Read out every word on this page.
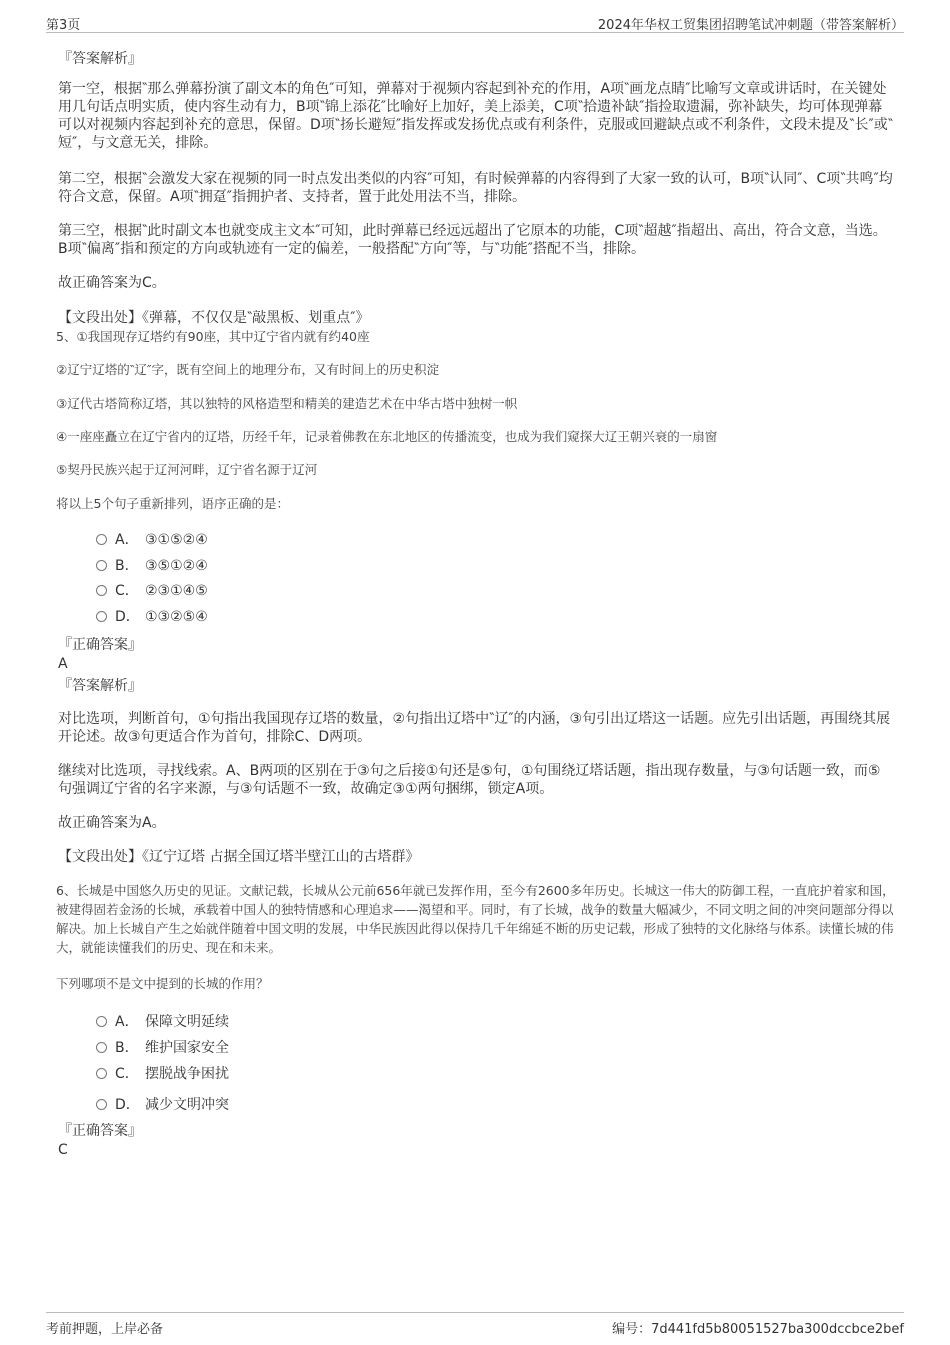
第3页	2024年华权工贸集团招聘笔试冲刺题（带答案解析）
『答案解析』
第一空，根据‶那么弹幕扮演了副文本的角色″可知，弹幕对于视频内容起到补充的作用，A项‶画龙点睛″比喻写文章或讲话时，在关键处用几句话点明实质，使内容生动有力，B项‶锦上添花″比喻好上加好，美上添美，C项‶拾遗补缺″指捡取遗漏，弥补缺失，均可体现弹幕可以对视频内容起到补充的意思，保留。D项‶扬长避短″指发挥或发扬优点或有利条件，克服或回避缺点或不利条件，文段未提及‶长″或‶短″，与文意无关，排除。
第二空，根据‶会激发大家在视频的同一时点发出类似的内容″可知，有时候弹幕的内容得到了大家一致的认可，B项‶认同″、C项‶共鸣″均符合文意，保留。A项‶拥趸″指拥护者、支持者，置于此处用法不当，排除。
第三空，根据‶此时副文本也就变成主文本″可知，此时弹幕已经远远超出了它原本的功能，C项‶超越″指超出、高出，符合文意，当选。B项‶偏离″指和预定的方向或轨迹有一定的偏差，一般搭配‶方向″等，与‶功能″搭配不当，排除。
故正确答案为C。
【文段出处】《弹幕，不仅仅是‶敲黑板、划重点″》
5、①我国现存辽塔约有90座，其中辽宁省内就有约40座
②辽宁辽塔的‶辽″字，既有空间上的地理分布，又有时间上的历史积淀
③辽代古塔简称辽塔，其以独特的风格造型和精美的建造艺术在中华古塔中独树一帜
④一座座矗立在辽宁省内的辽塔，历经千年，记录着佛教在东北地区的传播流变，也成为我们窥探大辽王朝兴衰的一扇窗
⑤契丹民族兴起于辽河河畔，辽宁省名源于辽河
将以上5个句子重新排列，语序正确的是：
A． ③①⑤②④
B． ③⑤①②④
C． ②③①④⑤
D． ①③②⑤④
『正确答案』
A
『答案解析』
对比选项，判断首句，①句指出我国现存辽塔的数量，②句指出辽塔中‶辽″的内涵，③句引出辽塔这一话题。应先引出话题，再围绕其展开论述。故③句更适合作为首句，排除C、D两项。
继续对比选项，寻找线索。A、B两项的区别在于③句之后接①句还是⑤句，①句围绕辽塔话题，指出现存数量，与③句话题一致，而⑤句强调辽宁省的名字来源，与③句话题不一致，故确定③①两句捆绑，锁定A项。
故正确答案为A。
【文段出处】《辽宁辽塔 占据全国辽塔半壁江山的古塔群》
6、长城是中国悠久历史的见证。文献记载，长城从公元前656年就已发挥作用，至今有2600多年历史。长城这一伟大的防御工程，一直庇护着家和国，被建得固若金汤的长城，承载着中国人的独特情感和心理追求——渴望和平。同时，有了长城，战争的数量大幅减少，不同文明之间的冲突问题部分得以解决。加上长城自产生之始就伴随着中国文明的发展，中华民族因此得以保持几千年绵延不断的历史记载，形成了独特的文化脉络与体系。读懂长城的伟大，就能读懂我们的历史、现在和未来。
下列哪项不是文中提到的长城的作用？
A． 保障文明延续
B． 维护国家安全
C． 摆脱战争困扰
D． 减少文明冲突
『正确答案』
C
考前押题，上岸必备	编号：7d441fd5b80051527ba300dccbce2bef
